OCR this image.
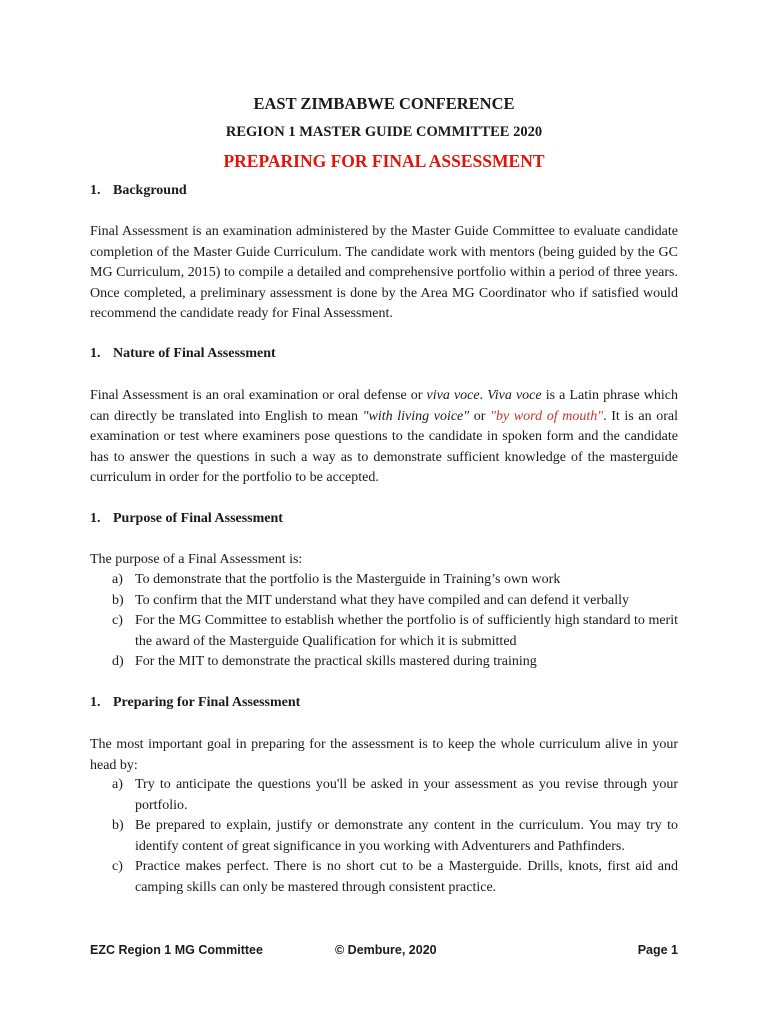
EAST ZIMBABWE CONFERENCE
REGION 1 MASTER GUIDE COMMITTEE 2020
PREPARING FOR FINAL ASSESSMENT
1. Background

Final Assessment is an examination administered by the Master Guide Committee to evaluate candidate completion of the Master Guide Curriculum. The candidate work with mentors (being guided by the GC MG Curriculum, 2015) to compile a detailed and comprehensive portfolio within a period of three years. Once completed, a preliminary assessment is done by the Area MG Coordinator who if satisfied would recommend the candidate ready for Final Assessment.

1. Nature of Final Assessment

Final Assessment is an oral examination or oral defense or viva voce. Viva voce is a Latin phrase which can directly be translated into English to mean "with living voice" or "by word of mouth". It is an oral examination or test where examiners pose questions to the candidate in spoken form and the candidate has to answer the questions in such a way as to demonstrate sufficient knowledge of the masterguide curriculum in order for the portfolio to be accepted.

1. Purpose of Final Assessment

The purpose of a Final Assessment is:

a) To demonstrate that the portfolio is the Masterguide in Training’s own work
b) To confirm that the MIT understand what they have compiled and can defend it verbally
c) For the MG Committee to establish whether the portfolio is of sufficiently high standard to merit the award of the Masterguide Qualification for which it is submitted
d) For the MIT to demonstrate the practical skills mastered during training
1. Preparing for Final Assessment

The most important goal in preparing for the assessment is to keep the whole curriculum alive in your head by:

a) Try to anticipate the questions you'll be asked in your assessment as you revise through your portfolio.
b) Be prepared to explain, justify or demonstrate any content in the curriculum. You may try to identify content of great significance in you working with Adventurers and Pathfinders.
c) Practice makes perfect. There is no short cut to be a Masterguide. Drills, knots, first aid and camping skills can only be mastered through consistent practice.
EZC Region 1 MG Committee	© Dembure, 2020	Page 1
